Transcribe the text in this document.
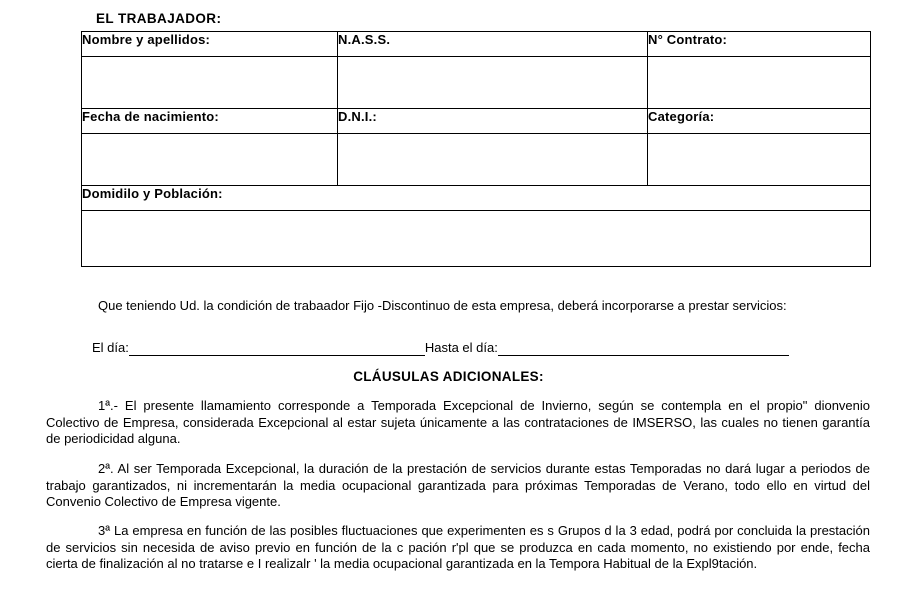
EL TRABAJADOR:
Nombre y apellidos:	N.A.S.S.	N° Contrato:

Fecha de nacimiento:	D.N.I.:	Categoría:

Domidilo y Población:		

Que teniendo Ud. la condición de trabaador Fijo -Discontinuo de esta empresa, deberá incorporarse a prestar servicios:
El día:	Hasta el día:
CLÁUSULAS ADICIONALES:
1ª.- El presente llamamiento corresponde a Temporada Excepcional de Invierno, según se contempla en el propio" dionvenio Colectivo de Empresa, considerada Excepcional al estar sujeta únicamente a las contrataciones de IMSERSO, las cuales no tienen garantía de periodicidad alguna.
2ª. Al ser Temporada Excepcional, la duración de la prestación de servicios durante estas Temporadas no dará lugar a periodos de trabajo garantizados, ni incrementarán la media ocupacional garantizada para próximas Temporadas de Verano, todo ello en virtud del Convenio Colectivo de Empresa vigente.
3ª La empresa en función de las posibles fluctuaciones que experimenten es s Grupos d la 3 edad, podrá por concluida la prestación de servicios sin necesida de aviso previo en función de la c pación r'pl que se produzca en cada momento, no existiendo por ende, fecha cierta de finalización al no tratarse e I realizalr ' la media ocupacional garantizada en la Tempora Habitual de la Expl9tación.
